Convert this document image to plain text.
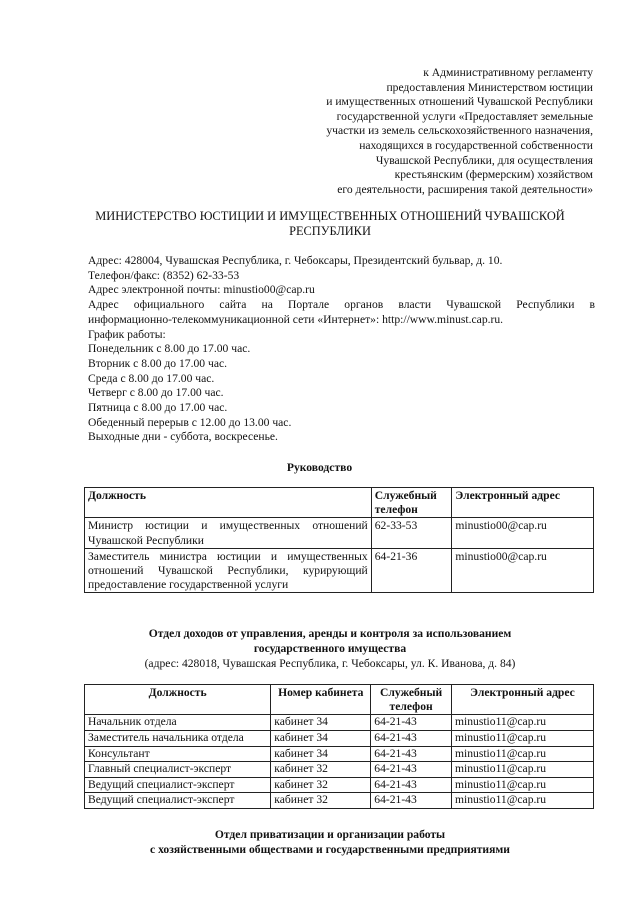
к Административному регламенту
предоставления Министерством юстиции
и имущественных отношений Чувашской Республики
государственной услуги «Предоставляет земельные
участки из земель сельскохозяйственного назначения,
находящихся в государственной собственности
Чувашской Республики, для осуществления
крестьянским (фермерским) хозяйством
его деятельности, расширения такой деятельности»
МИНИСТЕРСТВО ЮСТИЦИИ И ИМУЩЕСТВЕННЫХ ОТНОШЕНИЙ ЧУВАШСКОЙ
РЕСПУБЛИКИ
Адрес: 428004, Чувашская Республика, г. Чебоксары, Президентский бульвар, д. 10.
Телефон/факс: (8352) 62-33-53
Адрес электронной почты: minustio00@cap.ru
Адрес официального сайта на Портале органов власти Чувашской Республики в
информационно-телекоммуникационной сети «Интернет»: http://www.minust.cap.ru.
График работы:
Понедельник с 8.00 до 17.00 час.
Вторник с 8.00 до 17.00 час.
Среда с 8.00 до 17.00 час.
Четверг с 8.00 до 17.00 час.
Пятница с 8.00 до 17.00 час.
Обеденный перерыв с 12.00 до 13.00 час.
Выходные дни - суббота, воскресенье.
Руководство
Должность	Служебный телефон	Электронный адрес
Министр юстиции и имущественных отношений Чувашской Республики	62-33-53	minustio00@cap.ru
Заместитель министра юстиции и имущественных отношений Чувашской Республики, курирующий предоставление государственной услуги	64-21-36	minustio00@cap.ru
Отдел доходов от управления, аренды и контроля за использованием
государственного имущества
(адрес: 428018, Чувашская Республика, г. Чебоксары, ул. К. Иванова, д. 84)
Должность	Номер кабинета	Служебный телефон	Электронный адрес
Начальник отдела	кабинет 34	64-21-43	minustio11@cap.ru
Заместитель начальника отдела	кабинет 34	64-21-43	minustio11@cap.ru
Консультант	кабинет 34	64-21-43	minustio11@cap.ru
Главный специалист-эксперт	кабинет 32	64-21-43	minustio11@cap.ru
Ведущий специалист-эксперт	кабинет 32	64-21-43	minustio11@cap.ru
Ведущий специалист-эксперт	кабинет 32	64-21-43	minustio11@cap.ru
Отдел приватизации и организации работы
с хозяйственными обществами и государственными предприятиями
